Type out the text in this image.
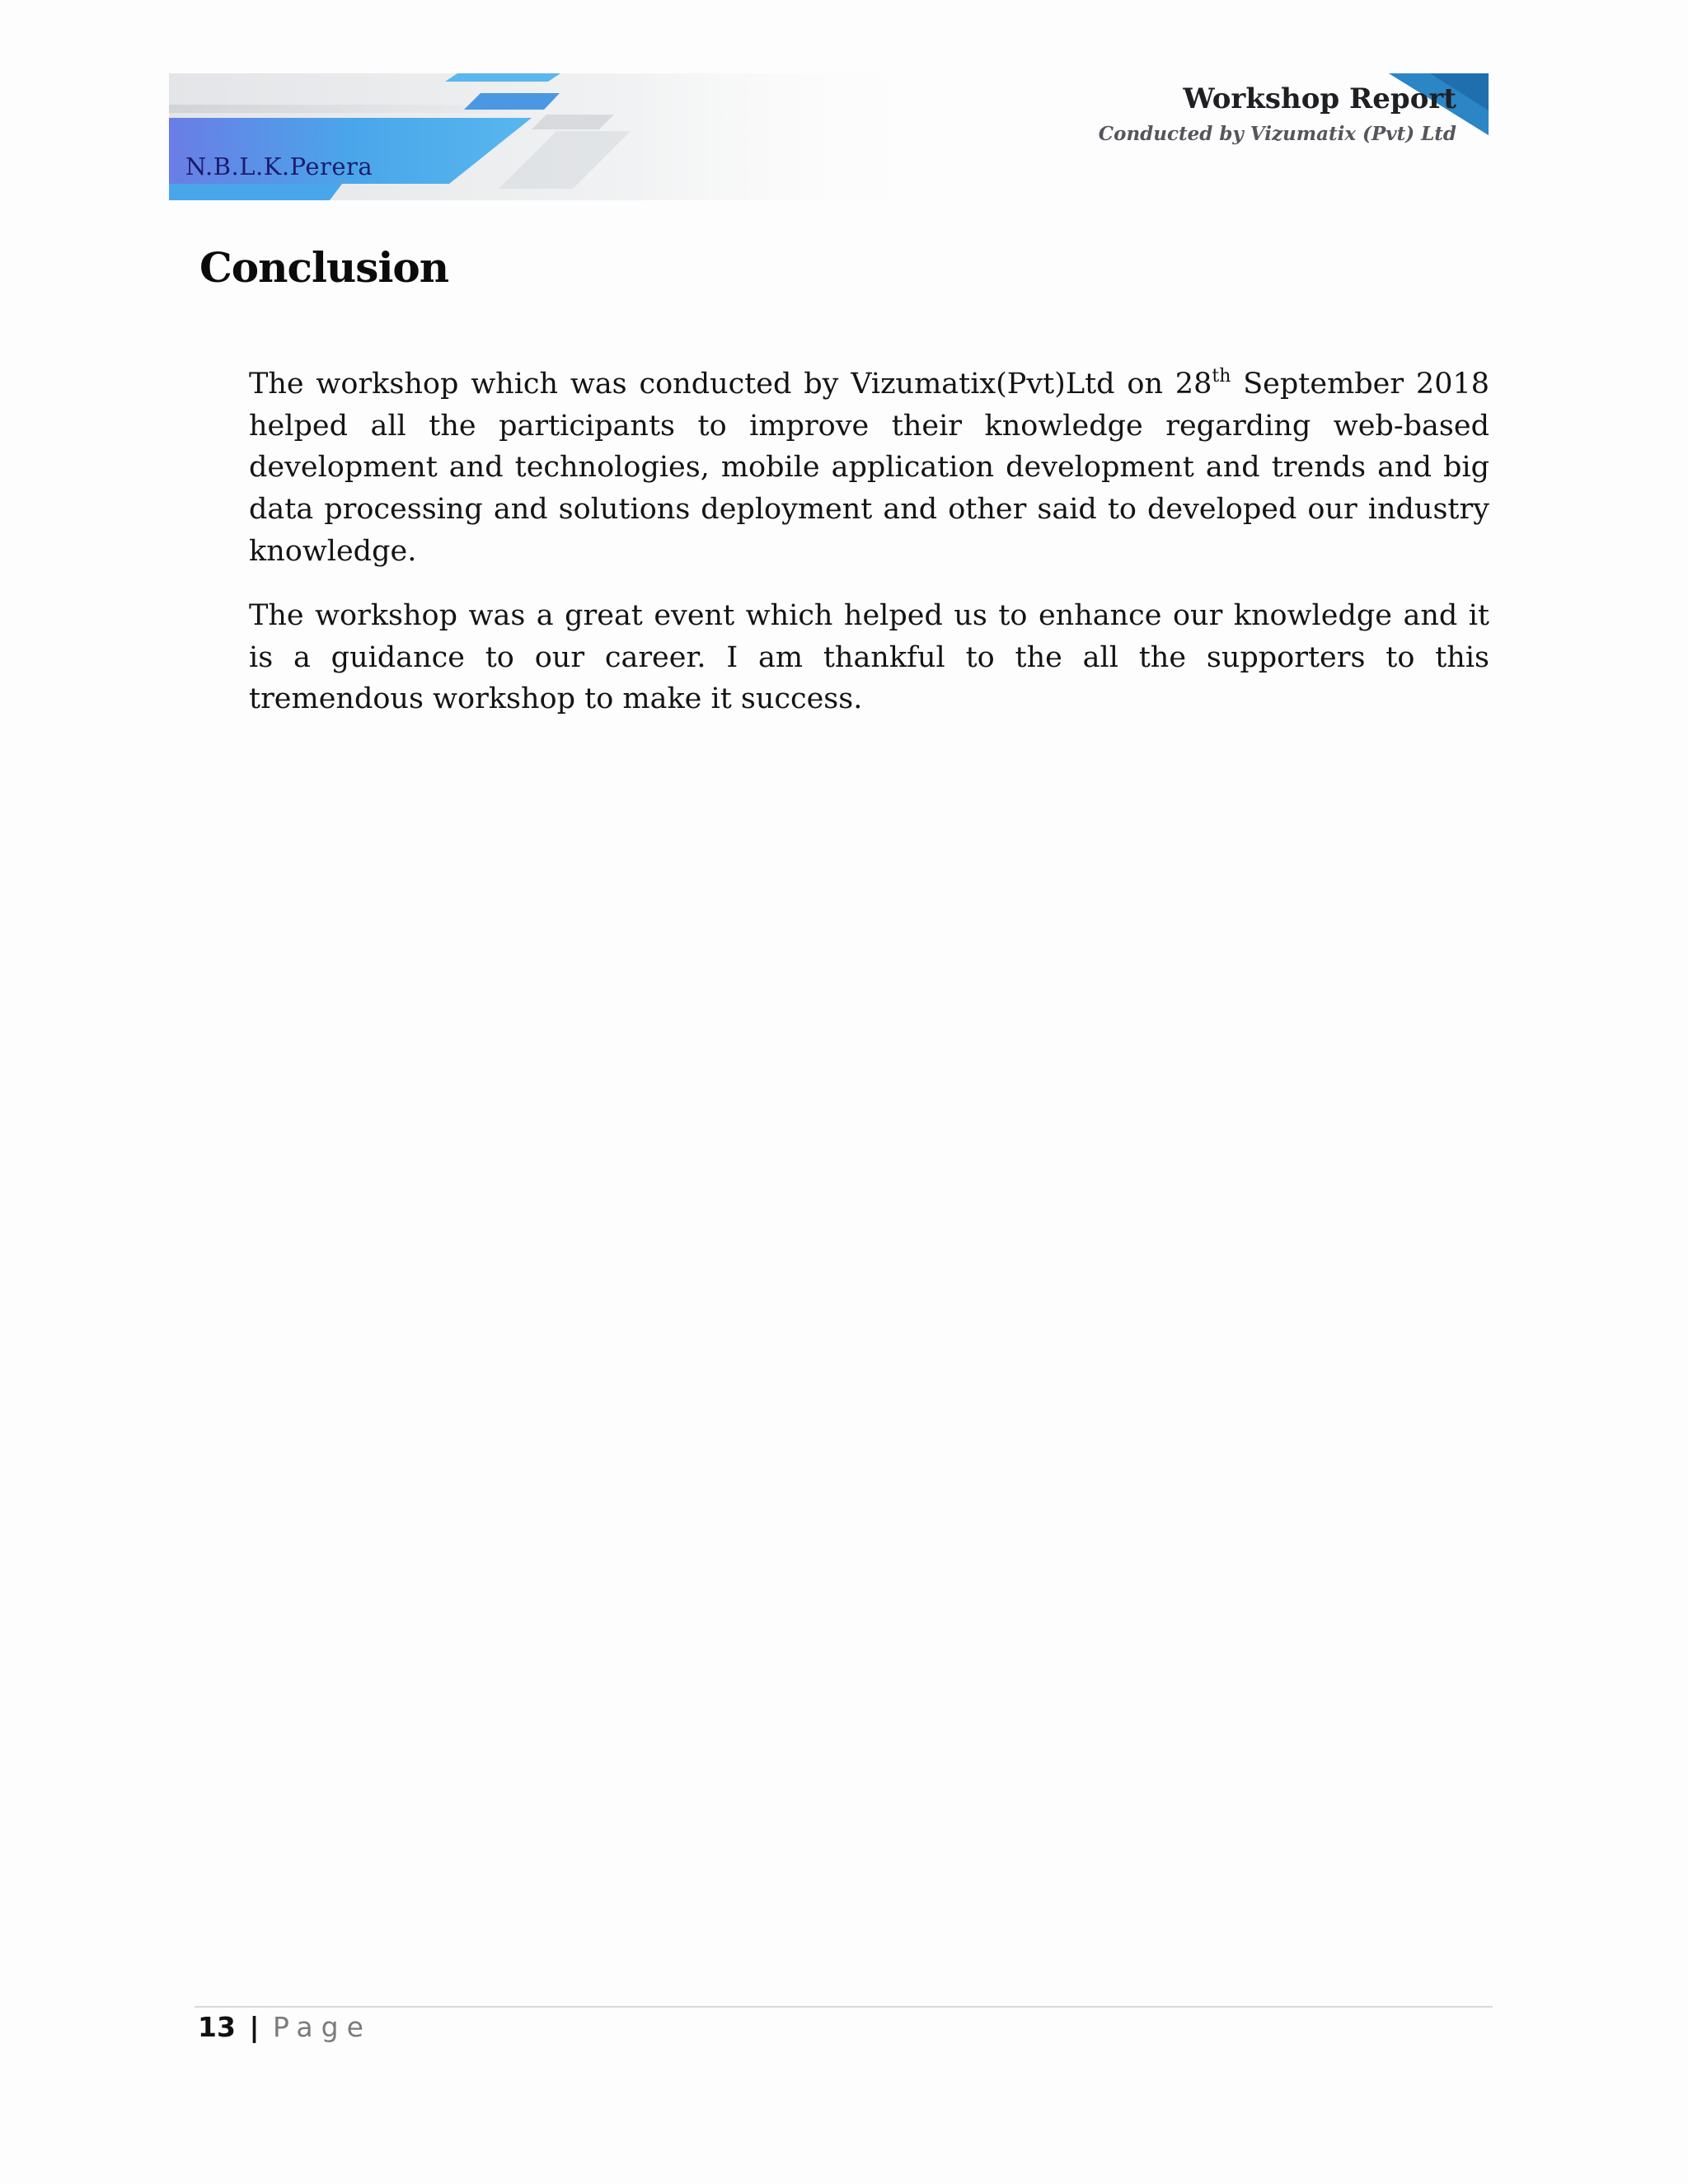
N.B.L.K.Perera
Workshop Report
Conducted by Vizumatix (Pvt) Ltd
Conclusion

The workshop which was conducted by Vizumatix(Pvt)Ltd on 28th September 2018 helped all the participants to improve their knowledge regarding web-based development and technologies, mobile application development and trends and big data processing and solutions deployment and other said to developed our industry knowledge.

The workshop was a great event which helped us to enhance our knowledge and it is a guidance to our career. I am thankful to the all the supporters to this tremendous workshop to make it success.

13 | Page
